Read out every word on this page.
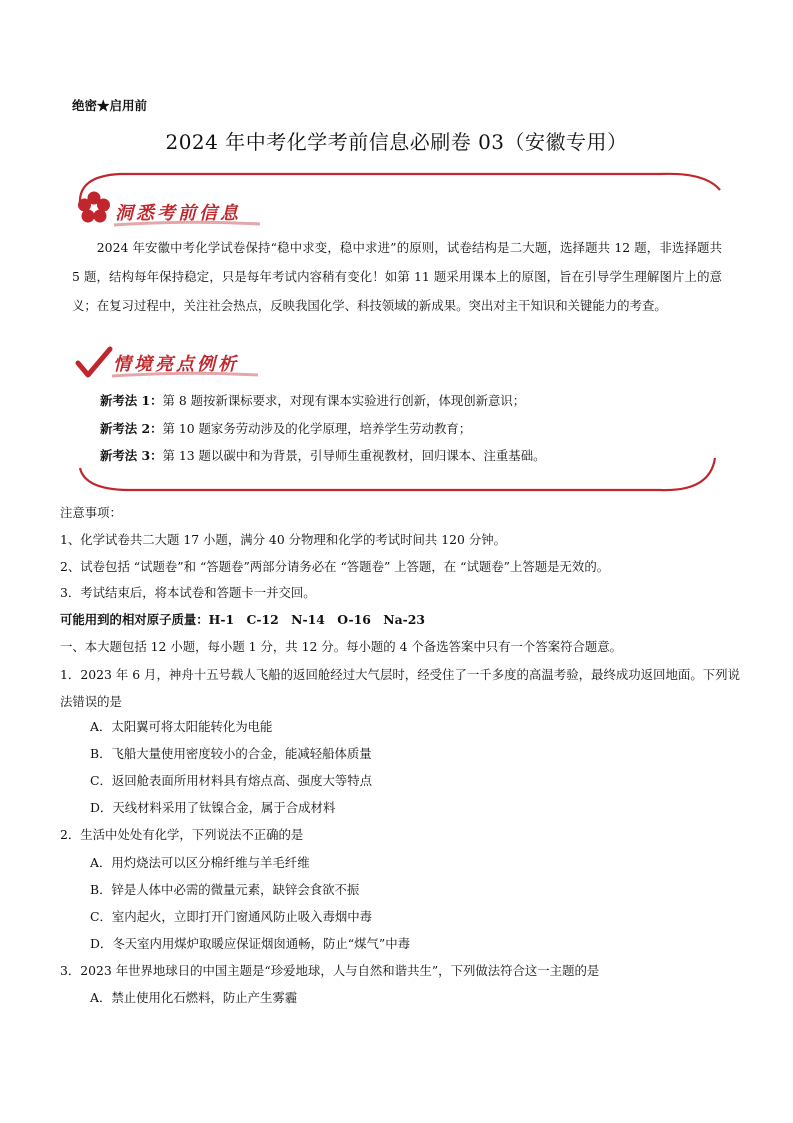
绝密★启用前
2024 年中考化学考前信息必刷卷 03（安徽专用）
洞悉考前信息
2024 年安徽中考化学试卷保持“稳中求变，稳中求进”的原则，试卷结构是二大题，选择题共 12 题，非选择题共 5 题，结构每年保持稳定，只是每年考试内容稍有变化！如第 11 题采用课本上的原图，旨在引导学生理解图片上的意义；在复习过程中，关注社会热点，反映我国化学、科技领域的新成果。突出对主干知识和关键能力的考查。
情境亮点例析
新考法 1：第 8 题按新课标要求，对现有课本实验进行创新，体现创新意识；
新考法 2：第 10 题家务劳动涉及的化学原理，培养学生劳动教育；
新考法 3：第 13 题以碳中和为背景，引导师生重视教材，回归课本、注重基础。
注意事项：
1、化学试卷共二大题 17 小题，满分 40 分物理和化学的考试时间共 120 分钟。
2、试卷包括 “试题卷”和 “答题卷”两部分请务必在 “答题卷” 上答题，在 “试题卷”上答题是无效的。
3．考试结束后，将本试卷和答题卡一并交回。
可能用到的相对原子质量：H-1　C-12　N-14　O-16　Na-23
一、本大题包括 12 小题，每小题 1 分，共 12 分。每小题的 4 个备选答案中只有一个答案符合题意。
1．2023 年 6 月，神舟十五号载人飞船的返回舱经过大气层时，经受住了一千多度的高温考验，最终成功返回地面。下列说法错误的是
A．太阳翼可将太阳能转化为电能
B．飞船大量使用密度较小的合金，能减轻船体质量
C．返回舱表面所用材料具有熔点高、强度大等特点
D．天线材料采用了钛镍合金，属于合成材料
2．生活中处处有化学，下列说法不正确的是
A．用灼烧法可以区分棉纤维与羊毛纤维
B．锌是人体中必需的微量元素，缺锌会食欲不振
C．室内起火，立即打开门窗通风防止吸入毒烟中毒
D．冬天室内用煤炉取暖应保证烟囱通畅，防止“煤气”中毒
3．2023 年世界地球日的中国主题是“珍爱地球，人与自然和谐共生”，下列做法符合这一主题的是
A．禁止使用化石燃料，防止产生雾霾
